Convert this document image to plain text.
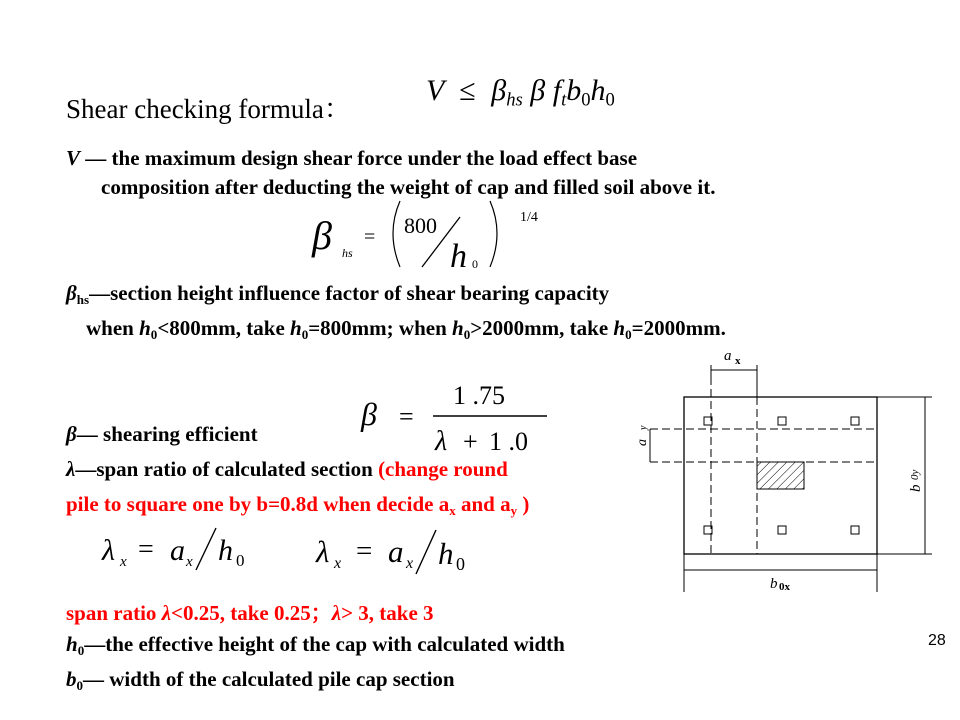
Shear checking formula：
$V \le \beta_{hs}$ β $f_tb_0h_0$
V — the maximum design shear force under the load effect base
composition after deducting the weight of cap and filled soil above it.
β hs
= 800
h 0
1/4
$\beta_{hs}—section$ height influence factor of shear bearing capacity
when $h_0<800mm$, take $h_0=800mm$; when $h_0>2000mm$, take $h_0=2000mm$.
β =
1 .75
λ + 1 .0
β— shearing efficient
λ—span ratio of calculated section (change round
pile to square one by b=0.8d when decide $a_x$ and $a_y$ )
λ x = a x h 0 λ x = a x h 0
span ratio λ<0.25, take 0.25；λ> 3, take 3
$h_0—the$ effective height of the cap with calculated width
$b_0—$ width of the calculated pile cap section
28
a x
a
y
b 0x
b
0y
